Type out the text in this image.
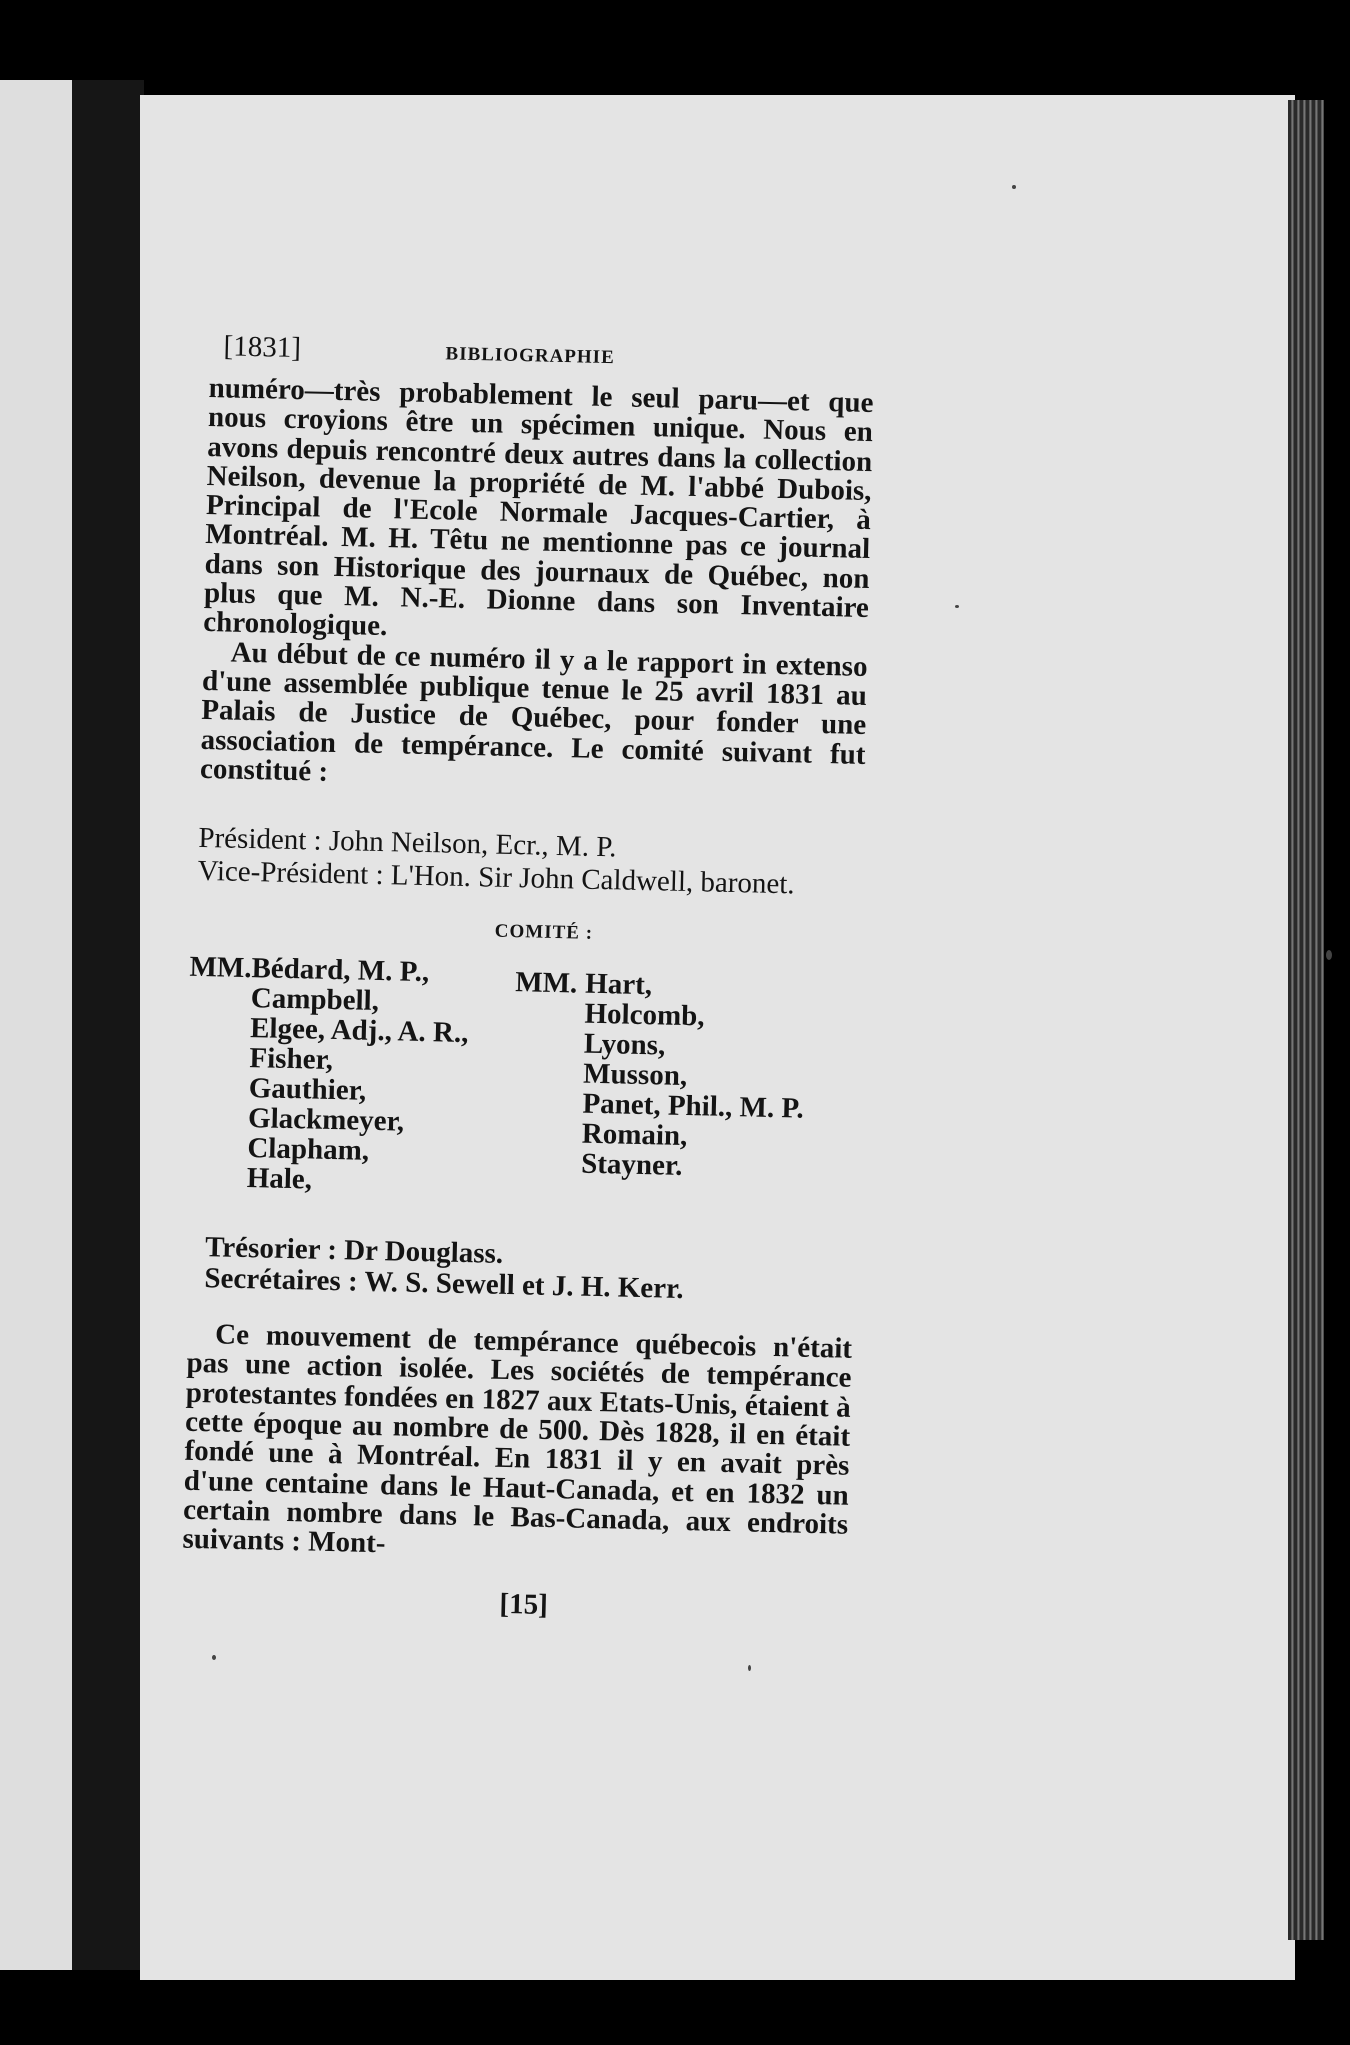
[1831]	BIBLIOGRAPHIE

numéro—très probablement le seul paru—et que nous croyions être un spécimen unique. Nous en avons depuis rencontré deux autres dans la collection Neilson, devenue la propriété de M. l'abbé Dubois, Principal de l'Ecole Normale Jacques-Cartier, à Montréal. M. H. Têtu ne mentionne pas ce journal dans son Historique des journaux de Québec, non plus que M. N.-E. Dionne dans son Inventaire chronologique.

Au début de ce numéro il y a le rapport in extenso d'une assemblée publique tenue le 25 avril 1831 au Palais de Justice de Québec, pour fonder une association de tempérance. Le comité suivant fut constitué :

Président : John Neilson, Ecr., M. P.
Vice-Président : L'Hon. Sir John Caldwell, baronet.
COMITÉ :
MM. Bédard, M. P.,
Campbell,
Elgee, Adj., A. R.,
Fisher,
Gauthier,
Glackmeyer,
Clapham,
Hale,
MM. Hart,
Holcomb,
Lyons,
Musson,
Panet, Phil., M. P.
Romain,
Stayner.
Trésorier : Dr Douglass.
Secrétaires : W. S. Sewell et J. H. Kerr.

Ce mouvement de tempérance québecois n'était pas une action isolée. Les sociétés de tempérance protestantes fondées en 1827 aux Etats-Unis, étaient à cette époque au nombre de 500. Dès 1828, il en était fondé une à Montréal. En 1831 il y en avait près d'une centaine dans le Haut-Canada, et en 1832 un certain nombre dans le Bas-Canada, aux endroits suivants : Mont-

[15]
